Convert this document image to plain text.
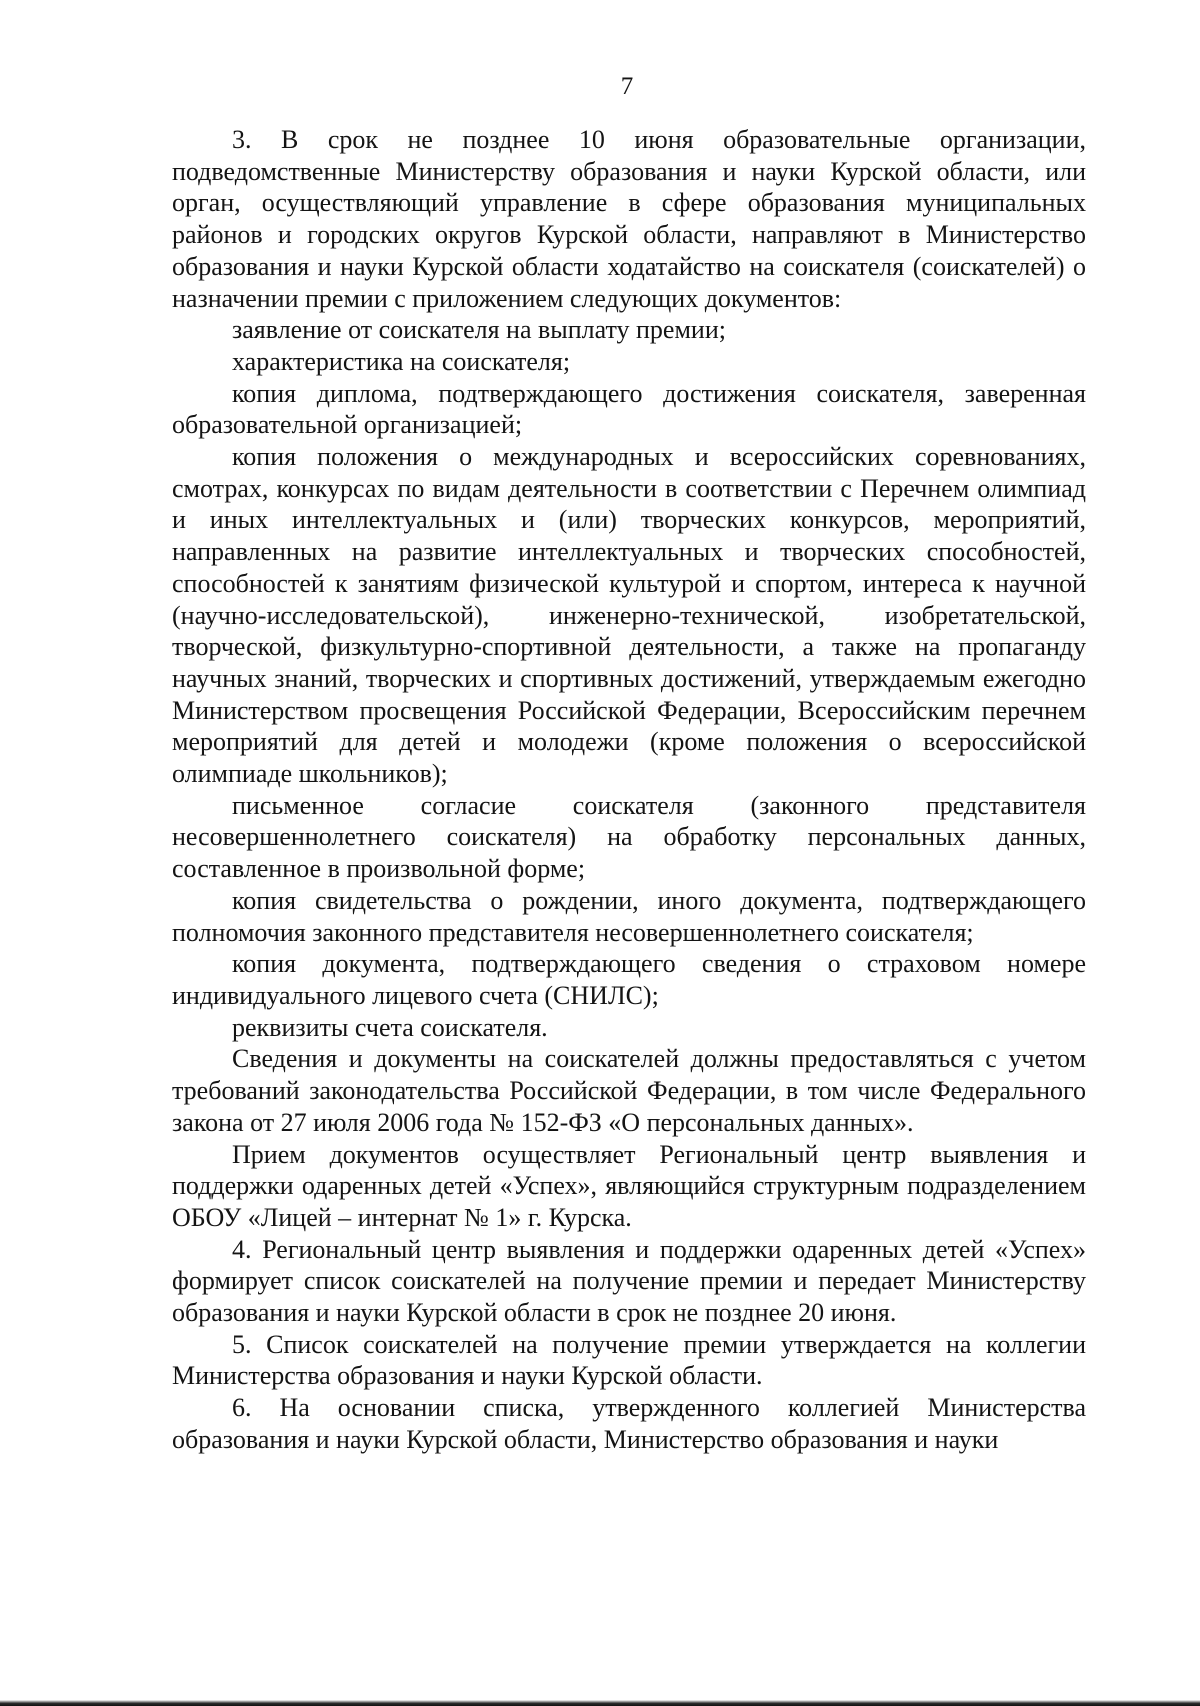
7

3. В срок не позднее 10 июня образовательные организации, подведомственные Министерству образования и науки Курской области, или орган, осуществляющий управление в сфере образования муниципальных районов и городских округов Курской области, направляют в Министерство образования и науки Курской области ходатайство на соискателя (соискателей) о назначении премии с приложением следующих документов:

заявление от соискателя на выплату премии;

характеристика на соискателя;

копия диплома, подтверждающего достижения соискателя, заверенная образовательной организацией;

копия положения о международных и всероссийских соревнованиях, смотрах, конкурсах по видам деятельности в соответствии с Перечнем олимпиад и иных интеллектуальных и (или) творческих конкурсов, мероприятий, направленных на развитие интеллектуальных и творческих способностей, способностей к занятиям физической культурой и спортом, интереса к научной (научно-исследовательской), инженерно-технической, изобретательской, творческой, физкультурно-спортивной деятельности, а также на пропаганду научных знаний, творческих и спортивных достижений, утверждаемым ежегодно Министерством просвещения Российской Федерации, Всероссийским перечнем мероприятий для детей и молодежи (кроме положения о всероссийской олимпиаде школьников);

письменное согласие соискателя (законного представителя несовершеннолетнего соискателя) на обработку персональных данных, составленное в произвольной форме;

копия свидетельства о рождении, иного документа, подтверждающего полномочия законного представителя несовершеннолетнего соискателя;

копия документа, подтверждающего сведения о страховом номере индивидуального лицевого счета (СНИЛС);

реквизиты счета соискателя.

Сведения и документы на соискателей должны предоставляться с учетом требований законодательства Российской Федерации, в том числе Федерального закона от 27 июля 2006 года № 152-ФЗ «О персональных данных».

Прием документов осуществляет Региональный центр выявления и поддержки одаренных детей «Успех», являющийся структурным подразделением ОБОУ «Лицей – интернат № 1» г. Курска.

4. Региональный центр выявления и поддержки одаренных детей «Успех» формирует список соискателей на получение премии и передает Министерству образования и науки Курской области в срок не позднее 20 июня.

5. Список соискателей на получение премии утверждается на коллегии Министерства образования и науки Курской области.

6. На основании списка, утвержденного коллегией Министерства образования и науки Курской области, Министерство образования и науки
